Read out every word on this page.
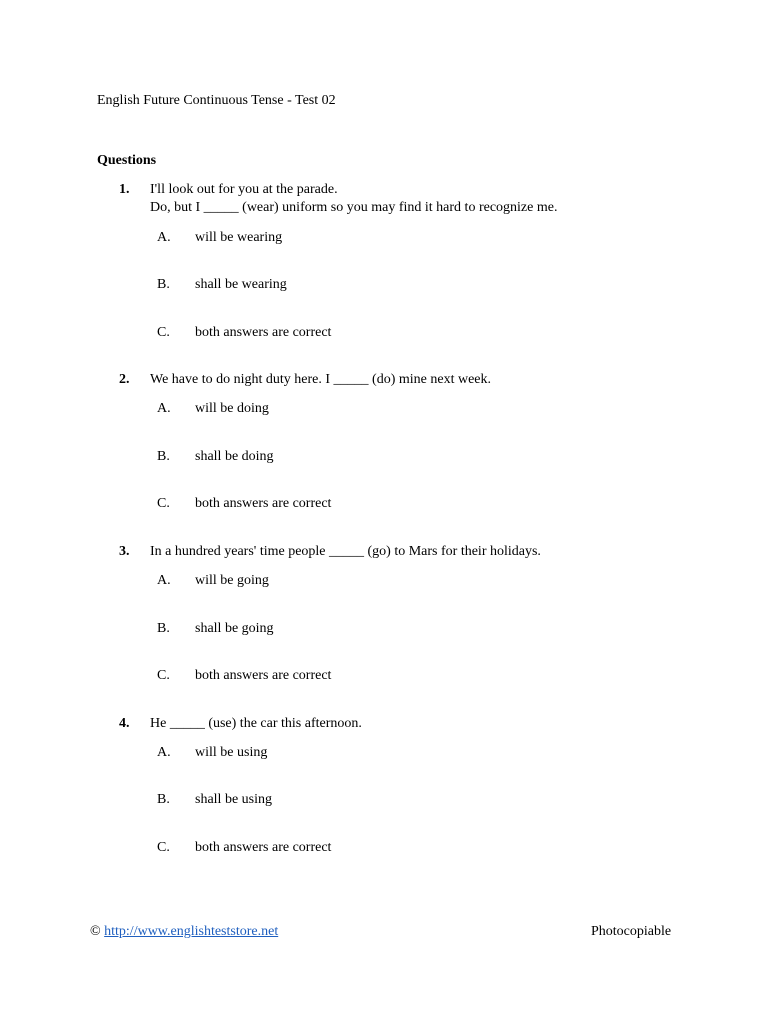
English Future Continuous Tense - Test 02
Questions
1. I'll look out for you at the parade.
Do, but I _____ (wear) uniform so you may find it hard to recognize me.
A. will be wearing
B. shall be wearing
C. both answers are correct
2. We have to do night duty here. I _____ (do) mine next week.
A. will be doing
B. shall be doing
C. both answers are correct
3. In a hundred years' time people _____ (go) to Mars for their holidays.
A. will be going
B. shall be going
C. both answers are correct
4. He _____ (use) the car this afternoon.
A. will be using
B. shall be using
C. both answers are correct
© http://www.englishteststore.net	Photocopiable
